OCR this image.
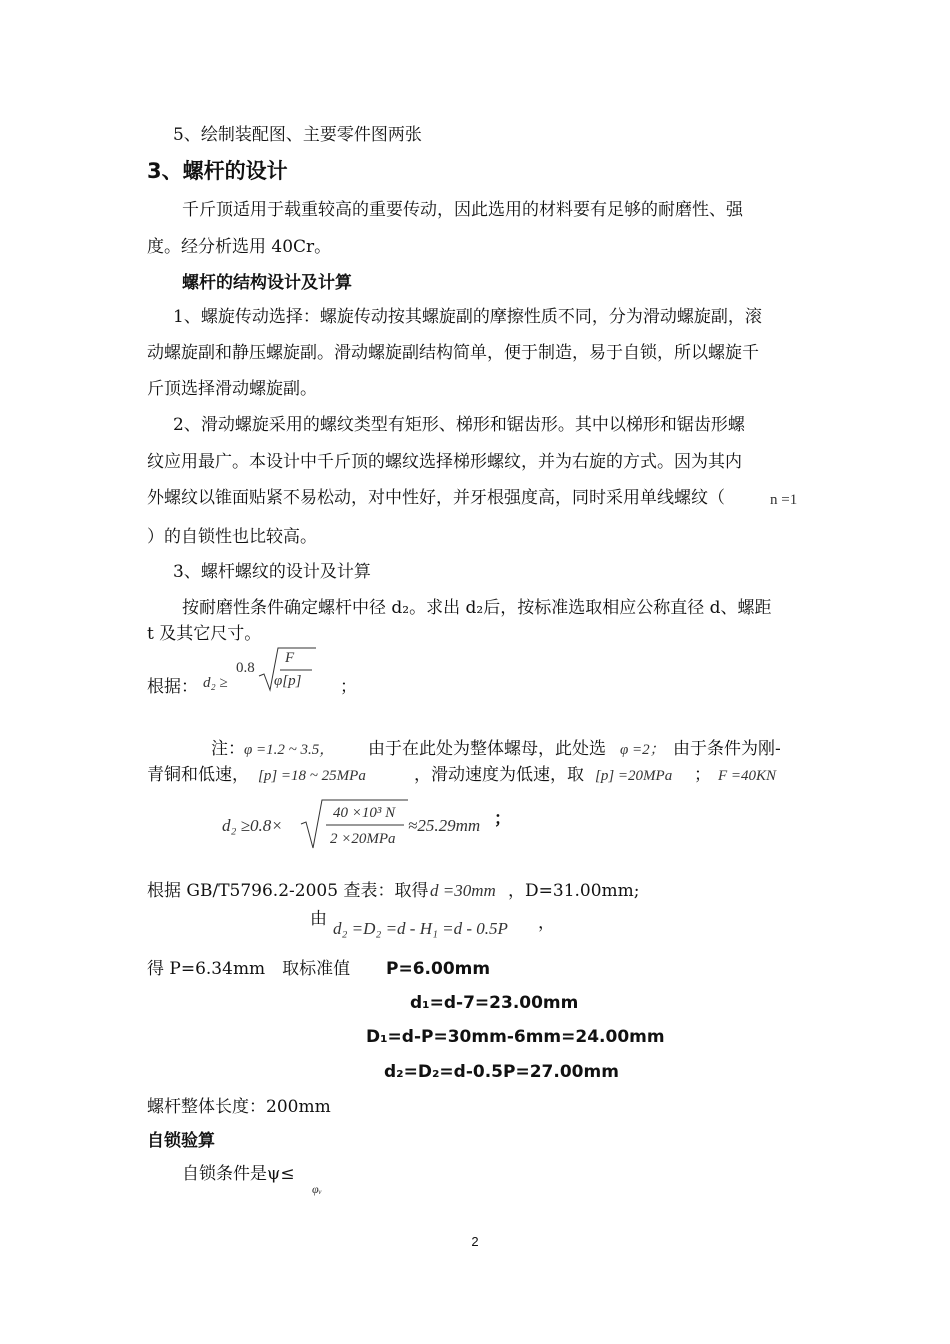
5、绘制装配图、主要零件图两张
3、螺杆的设计
千斤顶适用于载重较高的重要传动，因此选用的材料要有足够的耐磨性、强
度。经分析选用 40Cr。
螺杆的结构设计及计算
1、螺旋传动选择：螺旋传动按其螺旋副的摩擦性质不同，分为滑动螺旋副，滚
动螺旋副和静压螺旋副。滑动螺旋副结构简单，便于制造，易于自锁，所以螺旋千
斤顶选择滑动螺旋副。
2、滑动螺旋采用的螺纹类型有矩形、梯形和锯齿形。其中以梯形和锯齿形螺
纹应用最广。本设计中千斤顶的螺纹选择梯形螺纹，并为右旋的方式。因为其内
外螺纹以锥面贴紧不易松动，对中性好，并牙根强度高，同时采用单线螺纹（	n =1
）的自锁性也比较高。
3、螺杆螺纹的设计及计算
按耐磨性条件确定螺杆中径 d₂。求出 d₂后，按标准选取相应公称直径 d、螺距
t 及其它尺寸。
根据： d₂ ≥
0.8
F
φ[p] ；
注： φ =1.2 ~ 3.5， 由于在此处为整体螺母，此处选 φ =2； 由于条件为刚-
青铜和低速， [p] =18 ~ 25MPa	，滑动速度为低速，取 [p] =20MPa ； F =40KN
d₂ ≥0.8×
40 ×10³ N
2 ×20MPa
≈25.29mm ；
根据 GB/T5796.2-2005 查表：取得 d =30mm ，D=31.00mm;
由 d₂ =D₂ =d - H₁ =d - 0.5P ，
得 P=6.34mm　取标准值 P=6.00mm
d₁=d-7=23.00mm
D₁=d-P=30mm-6mm=24.00mm
d₂=D₂=d-0.5P=27.00mm
螺杆整体长度：200mm
自锁验算
自锁条件是ψ≤
φᵥ
2
